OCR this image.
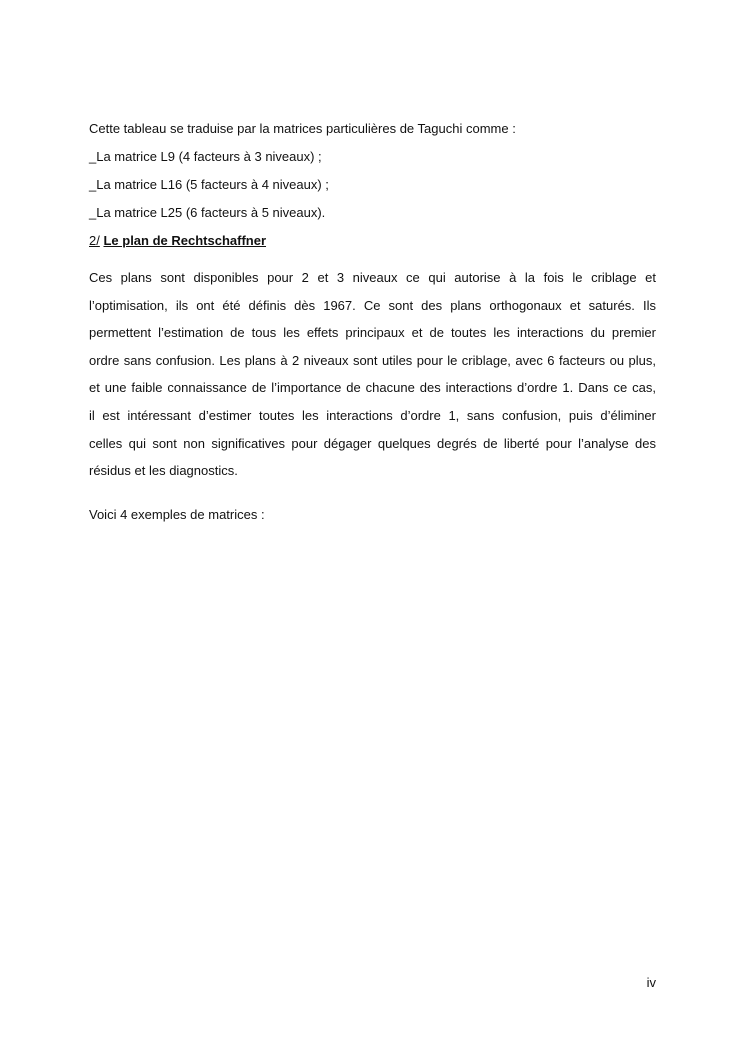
Cette tableau se traduise par la matrices particulières de Taguchi comme :
_La matrice L9 (4 facteurs à 3 niveaux) ;
_La matrice L16 (5 facteurs à 4 niveaux) ;
_La matrice L25 (6 facteurs à 5 niveaux).
2/ Le plan de Rechtschaffner
Ces plans sont disponibles pour 2 et 3 niveaux ce qui autorise à la fois le criblage et
l’optimisation, ils ont été définis dès 1967. Ce sont des plans orthogonaux et saturés. Ils
permettent l’estimation de tous les effets principaux et de toutes les interactions du premier
ordre sans confusion. Les plans à 2 niveaux sont utiles pour le criblage, avec 6 facteurs ou plus,
et une faible connaissance de l’importance de chacune des interactions d’ordre 1. Dans ce cas,
il est intéressant d’estimer toutes les interactions d’ordre 1, sans confusion, puis d’éliminer
celles qui sont non significatives pour dégager quelques degrés de liberté pour l’analyse des
résidus et les diagnostics.
Voici 4 exemples de matrices :
iv
